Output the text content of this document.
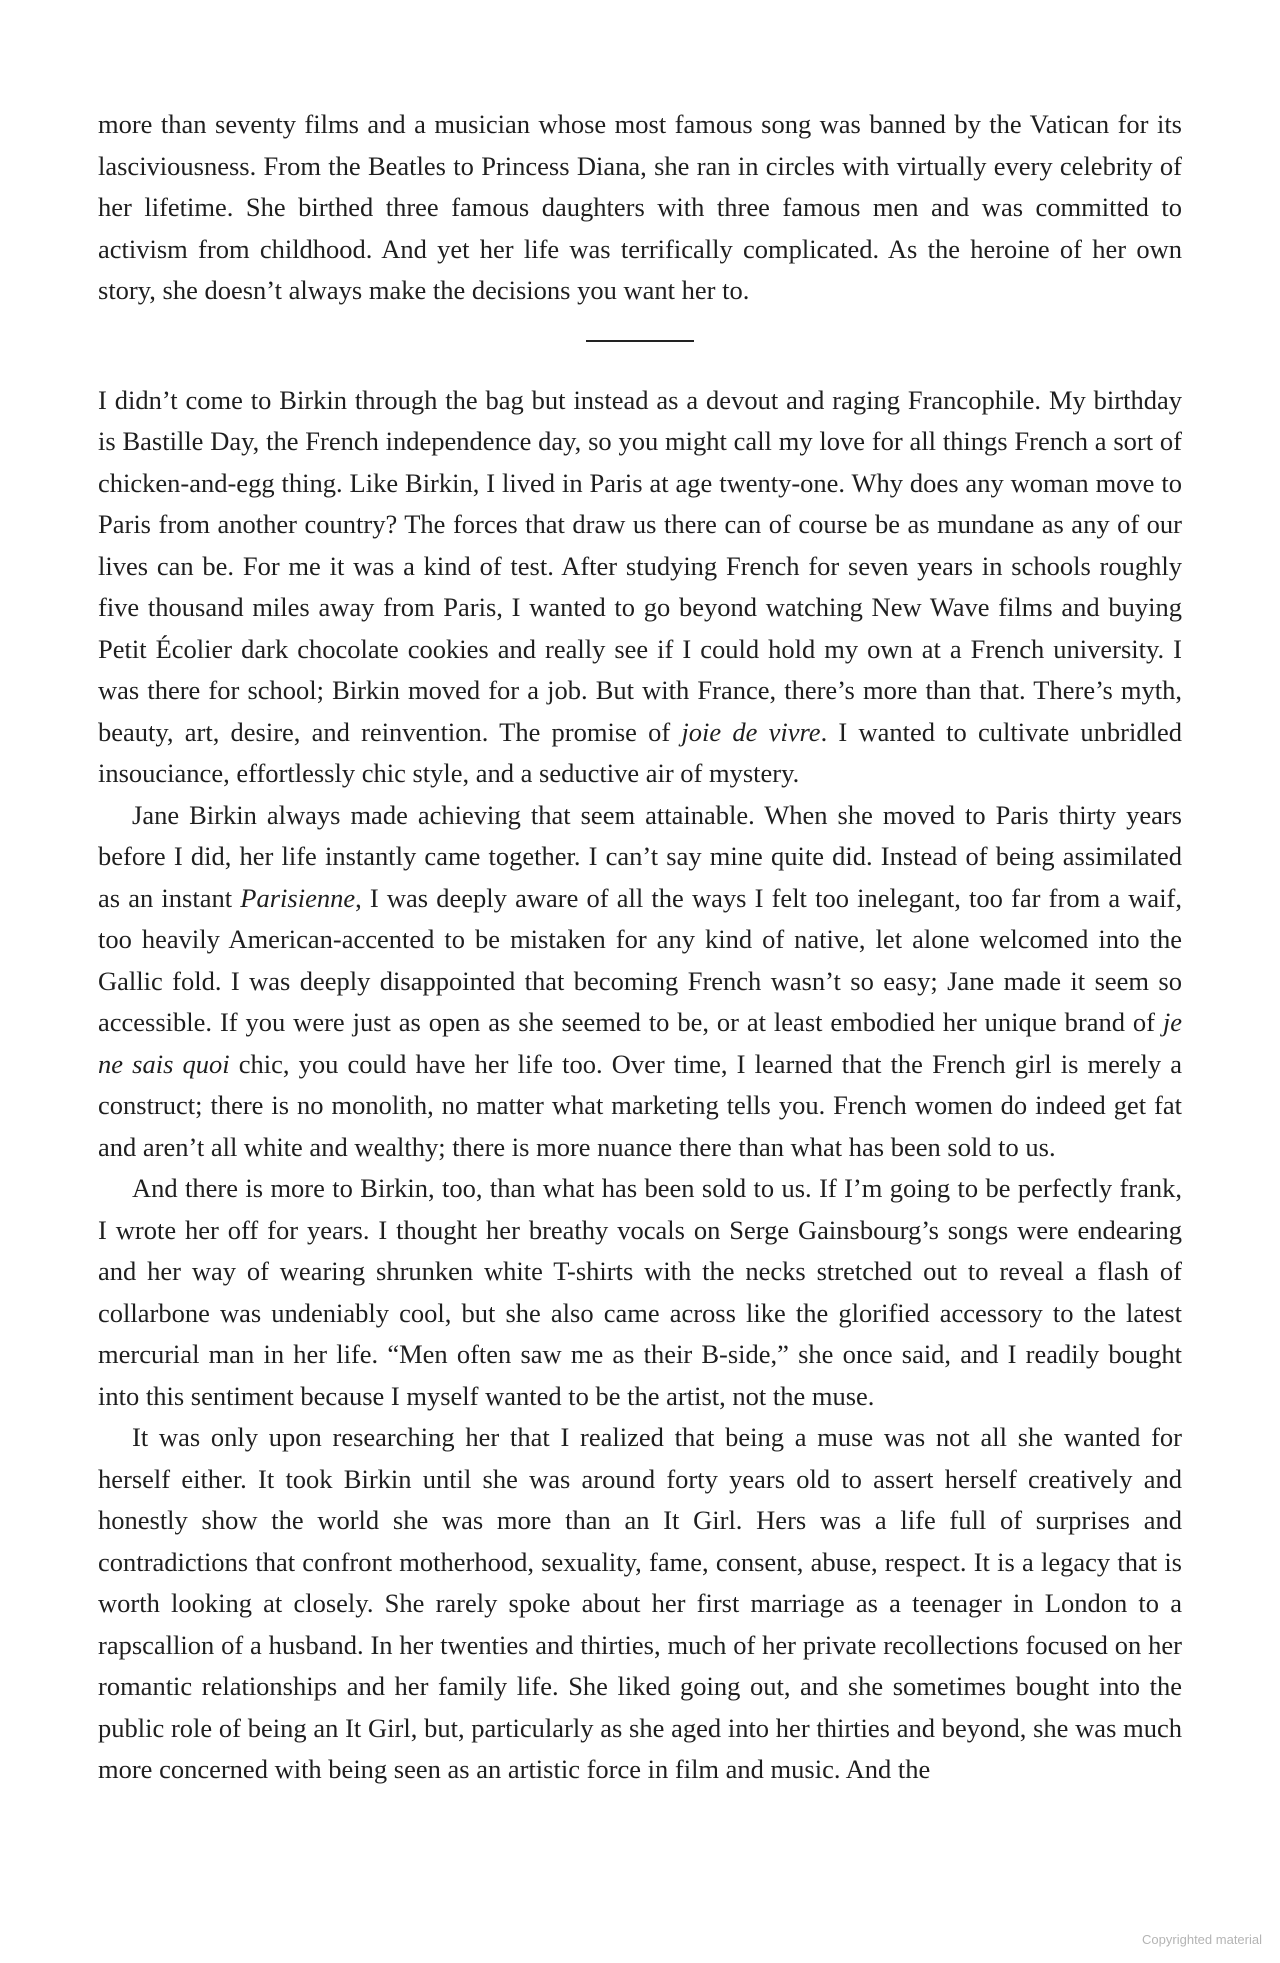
more than seventy films and a musician whose most famous song was banned by the Vatican for its lasciviousness. From the Beatles to Princess Diana, she ran in circles with virtually every celebrity of her lifetime. She birthed three famous daughters with three famous men and was committed to activism from childhood. And yet her life was terrifically complicated. As the heroine of her own story, she doesn’t always make the decisions you want her to.

I didn’t come to Birkin through the bag but instead as a devout and raging Francophile. My birthday is Bastille Day, the French independence day, so you might call my love for all things French a sort of chicken-and-egg thing. Like Birkin, I lived in Paris at age twenty-one. Why does any woman move to Paris from another country? The forces that draw us there can of course be as mundane as any of our lives can be. For me it was a kind of test. After studying French for seven years in schools roughly five thousand miles away from Paris, I wanted to go beyond watching New Wave films and buying Petit Écolier dark chocolate cookies and really see if I could hold my own at a French university. I was there for school; Birkin moved for a job. But with France, there’s more than that. There’s myth, beauty, art, desire, and reinvention. The promise of joie de vivre. I wanted to cultivate unbridled insouciance, effortlessly chic style, and a seductive air of mystery.

Jane Birkin always made achieving that seem attainable. When she moved to Paris thirty years before I did, her life instantly came together. I can’t say mine quite did. Instead of being assimilated as an instant Parisienne, I was deeply aware of all the ways I felt too inelegant, too far from a waif, too heavily American-accented to be mistaken for any kind of native, let alone welcomed into the Gallic fold. I was deeply disappointed that becoming French wasn’t so easy; Jane made it seem so accessible. If you were just as open as she seemed to be, or at least embodied her unique brand of je ne sais quoi chic, you could have her life too. Over time, I learned that the French girl is merely a construct; there is no monolith, no matter what marketing tells you. French women do indeed get fat and aren’t all white and wealthy; there is more nuance there than what has been sold to us.

And there is more to Birkin, too, than what has been sold to us. If I’m going to be perfectly frank, I wrote her off for years. I thought her breathy vocals on Serge Gainsbourg’s songs were endearing and her way of wearing shrunken white T-shirts with the necks stretched out to reveal a flash of collarbone was undeniably cool, but she also came across like the glorified accessory to the latest mercurial man in her life. “Men often saw me as their B-side,” she once said, and I readily bought into this sentiment because I myself wanted to be the artist, not the muse.

It was only upon researching her that I realized that being a muse was not all she wanted for herself either. It took Birkin until she was around forty years old to assert herself creatively and honestly show the world she was more than an It Girl. Hers was a life full of surprises and contradictions that confront motherhood, sexuality, fame, consent, abuse, respect. It is a legacy that is worth looking at closely. She rarely spoke about her first marriage as a teenager in London to a rapscallion of a husband. In her twenties and thirties, much of her private recollections focused on her romantic relationships and her family life. She liked going out, and she sometimes bought into the public role of being an It Girl, but, particularly as she aged into her thirties and beyond, she was much more concerned with being seen as an artistic force in film and music. And the

Copyrighted material
